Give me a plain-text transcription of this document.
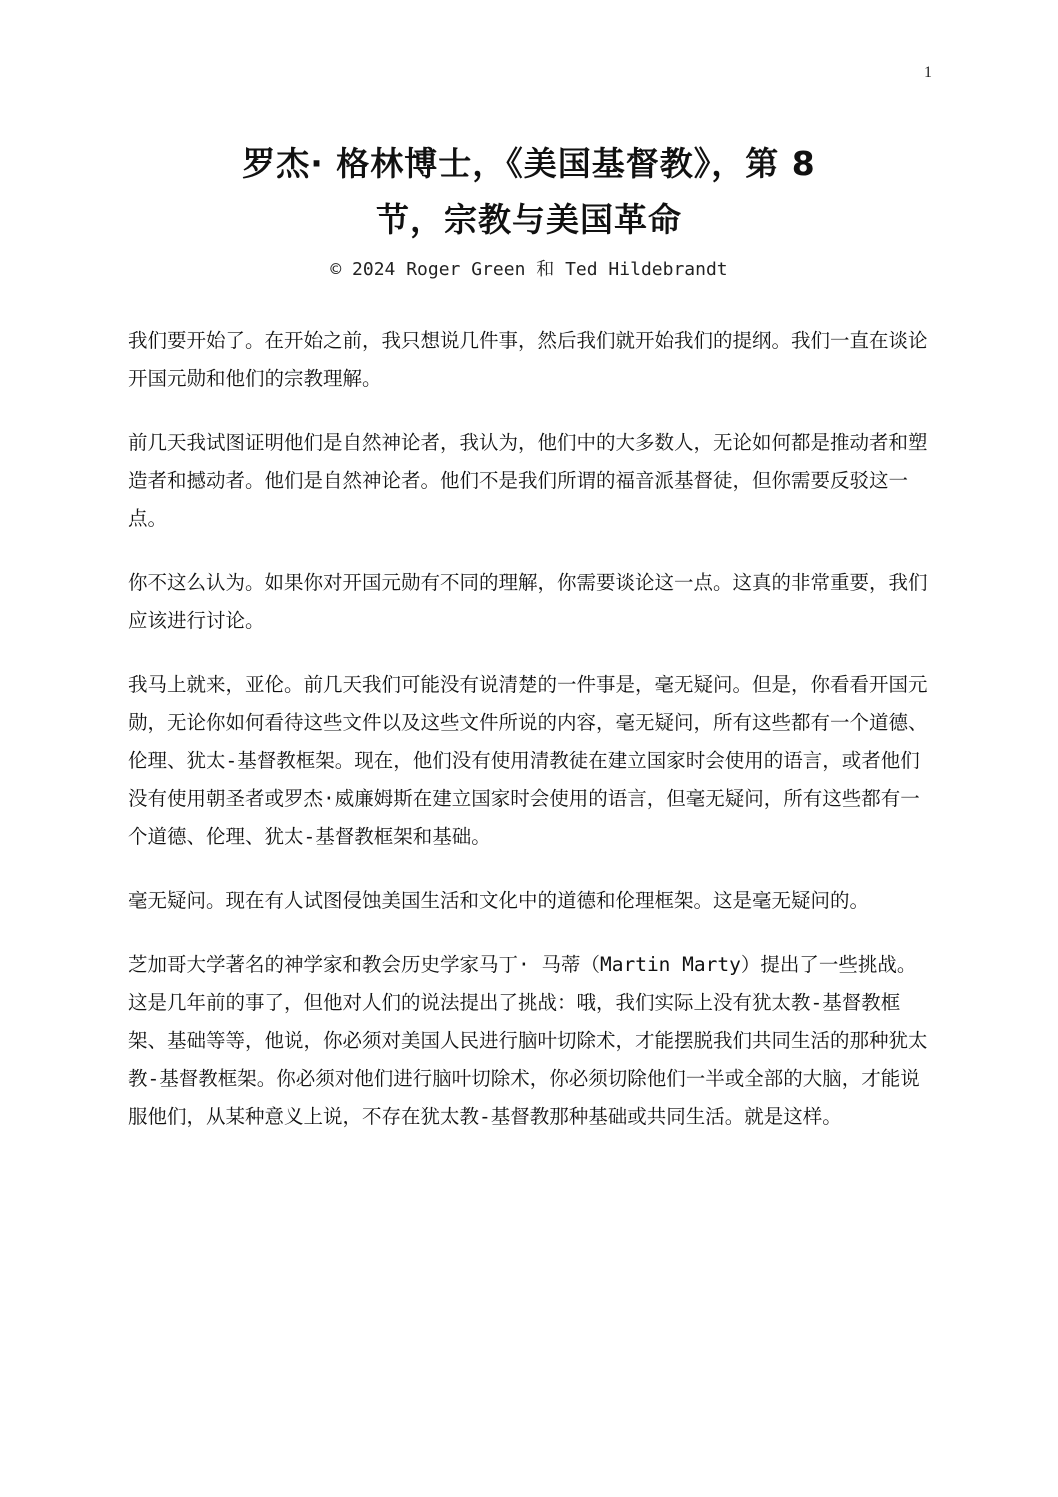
1
罗杰· 格林博士，《美国基督教》，第 8
节，宗教与美国革命
© 2024 Roger Green 和 Ted Hildebrandt

我们要开始了。在开始之前，我只想说几件事，然后我们就开始我们的提纲。我们一直在谈论开国元勋和他们的宗教理解。

前几天我试图证明他们是自然神论者，我认为，他们中的大多数人，无论如何都是推动者和塑造者和撼动者。他们是自然神论者。他们不是我们所谓的福音派基督徒，但你需要反驳这一点。

你不这么认为。如果你对开国元勋有不同的理解，你需要谈论这一点。这真的非常重要，我们应该进行讨论。

我马上就来，亚伦。前几天我们可能没有说清楚的一件事是，毫无疑问。但是，你看看开国元勋，无论你如何看待这些文件以及这些文件所说的内容，毫无疑问，所有这些都有一个道德、伦理、犹太-基督教框架。现在，他们没有使用清教徒在建立国家时会使用的语言，或者他们没有使用朝圣者或罗杰·威廉姆斯在建立国家时会使用的语言，但毫无疑问，所有这些都有一个道德、伦理、犹太-基督教框架和基础。

毫无疑问。现在有人试图侵蚀美国生活和文化中的道德和伦理框架。这是毫无疑问的。

芝加哥大学著名的神学家和教会历史学家马丁· 马蒂（Martin Marty）提出了一些挑战。这是几年前的事了，但他对人们的说法提出了挑战：哦，我们实际上没有犹太教-基督教框架、基础等等，他说，你必须对美国人民进行脑叶切除术，才能摆脱我们共同生活的那种犹太教-基督教框架。你必须对他们进行脑叶切除术，你必须切除他们一半或全部的大脑，才能说服他们，从某种意义上说，不存在犹太教-基督教那种基础或共同生活。就是这样。
